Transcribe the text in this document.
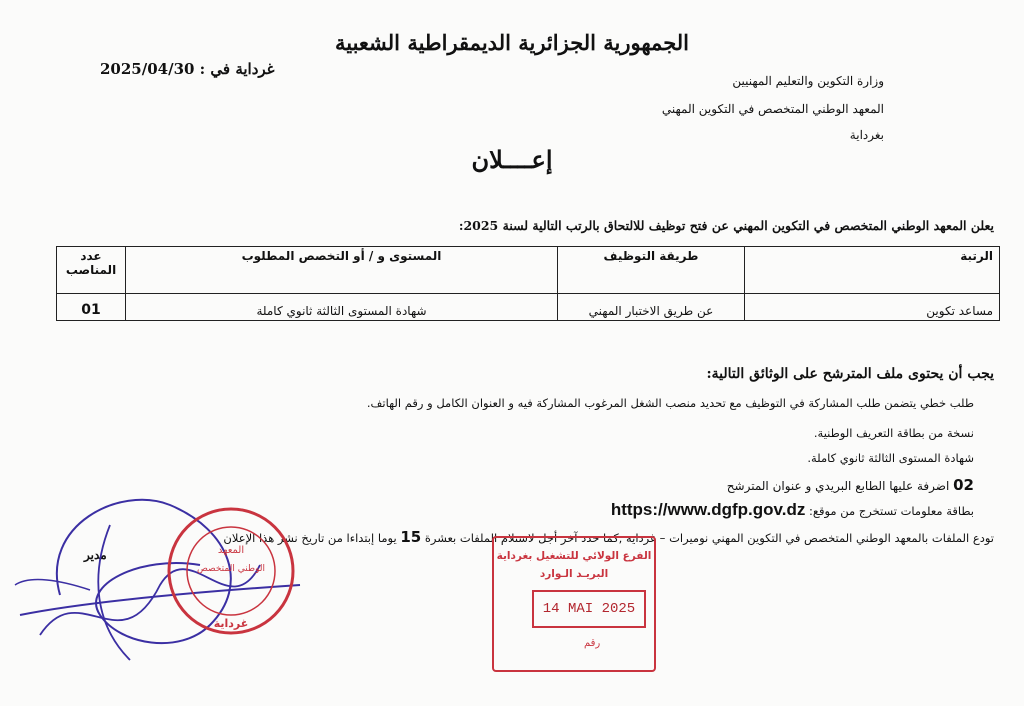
الجمهورية الجزائرية الديمقراطية الشعبية
غرداية في : 2025/04/30
وزارة التكوين والتعليم المهنيين
المعهد الوطني المتخصص في التكوين المهني
بغرداية
إعــــلان
يعلن المعهد الوطني المتخصص في التكوين المهني عن فتح توظيف للالتحاق بالرتب التالية لسنة 2025:
الرتبة	طريقة التوظيف	المستوى و / أو التخصص المطلوب	عدد المناصب
مساعد تكوين	عن طريق الاختبار المهني	شهادة المستوى الثالثة ثانوي كاملة	01
يجب أن يحتوى ملف المترشح على الوثائق التالية:
طلب خطي يتضمن طلب المشاركة في التوظيف مع تحديد منصب الشغل المرغوب المشاركة فيه و العنوان الكامل و رقم الهاتف.
نسخة من بطاقة التعريف الوطنية.
شهادة المستوى الثالثة ثانوي كاملة.
02 اضرفة عليها الطابع البريدي و عنوان المترشح
بطاقة معلومات تستخرج من موقع: https://www.dgfp.gov.dz
تودع الملفات بالمعهد الوطني المتخصص في التكوين المهني نوميرات – غرداية ,كما حدد آخر أجل لاستلام الملفات بعشرة 15 يوما إبتداءا من تاريخ نشر هذا الإعلان
مدير	المعهد
الوطني المتخصص
غرداية
الفرع الولائي للتشغيل بغرداية
البريـد الـوارد
14 MAI 2025
رقم
